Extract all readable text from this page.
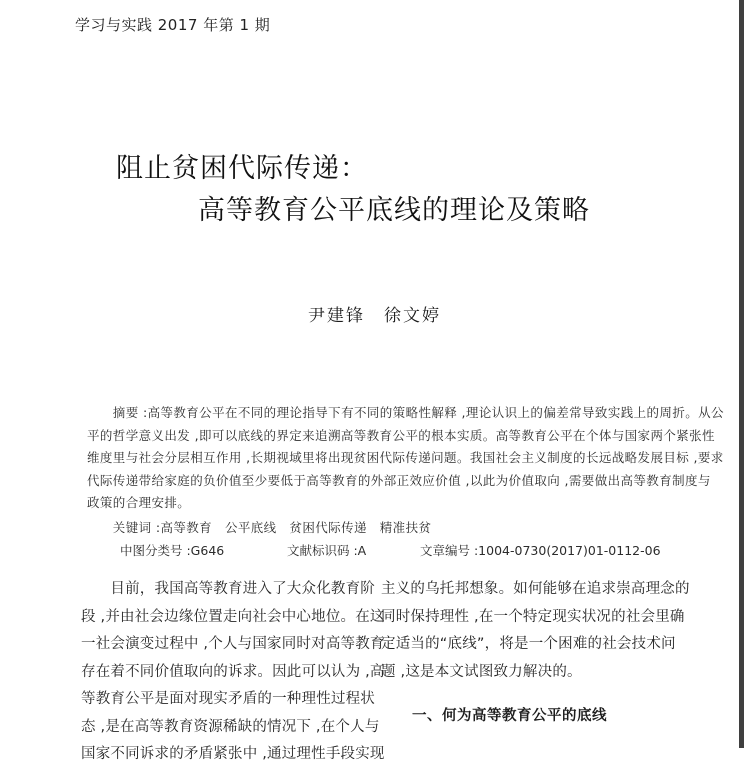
学习与实践 2017 年第 1 期
阻止贫困代际传递：
高等教育公平底线的理论及策略
尹建锋　徐文婷
　　摘要 :高等教育公平在不同的理论指导下有不同的策略性解释 ,理论认识上的偏差常导致实践上的周折。从公
平的哲学意义出发 ,即可以底线的界定来追溯高等教育公平的根本实质。高等教育公平在个体与国家两个紧张性
维度里与社会分层相互作用 ,长期视域里将出现贫困代际传递问题。我国社会主义制度的长远战略发展目标 ,要求
代际传递带给家庭的负价值至少要低于高等教育的外部正效应价值 ,以此为价值取向 ,需要做出高等教育制度与
政策的合理安排。
　　关键词 :高等教育　公平底线　贫困代际传递　精准扶贫
中图分类号 :G646	文献标识码 :A	文章编号 :1004-0730(2017)01-0112-06
　　目前，我国高等教育进入了大众化教育阶
段 ,并由社会边缘位置走向社会中心地位。在这
一社会演变过程中 ,个人与国家同时对高等教育
存在着不同价值取向的诉求。因此可以认为 ,高
等教育公平是面对现实矛盾的一种理性过程状
态 ,是在高等教育资源稀缺的情况下 ,在个人与
国家不同诉求的矛盾紧张中 ,通过理性手段实现
主义的乌托邦想象。如何能够在追求崇高理念的
同时保持理性 ,在一个特定现实状况的社会里确
定适当的“底线”，将是一个困难的社会技术问
题 ,这是本文试图致力解决的。
一、何为高等教育公平的底线
